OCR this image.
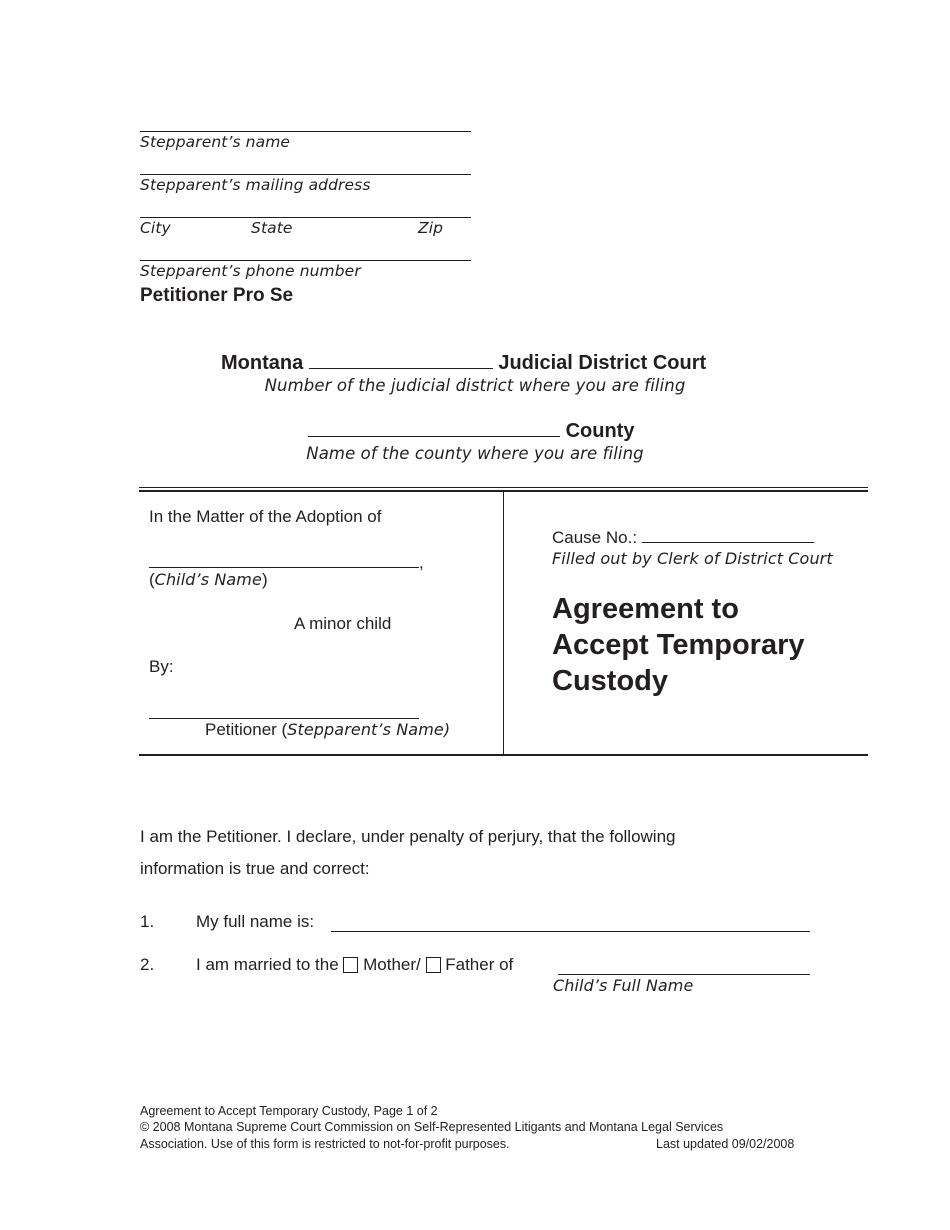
Stepparent’s name
Stepparent’s mailing address
City	State	Zip
Stepparent’s phone number
Petitioner Pro Se
Montana	Judicial District Court
Number of the judicial district where you are filing
County
Name of the county where you are filing
In the Matter of the Adoption of
,
(Child’s Name)
A minor child
By:
Petitioner (Stepparent’s Name)
Cause No.:
Filled out by Clerk of District Court
Agreement to
Accept Temporary
Custody
I am the Petitioner. I declare, under penalty of perjury, that the following
information is true and correct:
1. My full name is:
2. I am married to the Mother/ Father of
Child’s Full Name
Agreement to Accept Temporary Custody, Page 1 of 2
© 2008 Montana Supreme Court Commission on Self-Represented Litigants and Montana Legal Services
Association. Use of this form is restricted to not-for-profit purposes.	Last updated 09/02/2008
